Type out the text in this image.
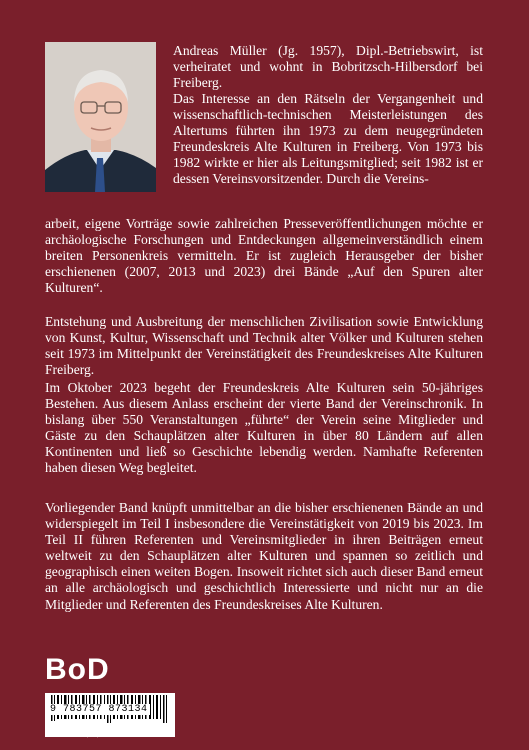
Andreas Müller (Jg. 1957), Dipl.-Betriebswirt, ist verheiratet und wohnt in Bobritzsch-Hilbersdorf bei Freiberg.

Das Interesse an den Rätseln der Vergangenheit und wissenschaftlich-technischen Meisterleistungen des Altertums führten ihn 1973 zu dem neugegründeten Freundeskreis Alte Kulturen in Freiberg. Von 1973 bis 1982 wirkte er hier als Leitungsmitglied; seit 1982 ist er dessen Vereinsvorsitzender. Durch die Vereins-

arbeit, eigene Vorträge sowie zahlreichen Presseveröffentlichungen möchte er archäologische Forschungen und Entdeckungen allgemeinverständlich einem breiten Personenkreis vermitteln. Er ist zugleich Herausgeber der bisher erschienenen (2007, 2013 und 2023) drei Bände „Auf den Spuren alter Kulturen“.

Entstehung und Ausbreitung der menschlichen Zivilisation sowie Entwicklung von Kunst, Kultur, Wissenschaft und Technik alter Völker und Kulturen stehen seit 1973 im Mittelpunkt der Vereinstätigkeit des Freundeskreises Alte Kulturen Freiberg.

Im Oktober 2023 begeht der Freundeskreis Alte Kulturen sein 50-jähriges Bestehen. Aus diesem Anlass erscheint der vierte Band der Vereinschronik. In bislang über 550 Veranstaltungen „führte“ der Verein seine Mitglieder und Gäste zu den Schauplätzen alter Kulturen in über 80 Ländern auf allen Kontinenten und ließ so Geschichte lebendig werden. Namhafte Referenten haben diesen Weg begleitet.

Vorliegender Band knüpft unmittelbar an die bisher erschienenen Bände an und widerspiegelt im Teil I insbesondere die Vereinstätigkeit von 2019 bis 2023. Im Teil II führen Referenten und Vereinsmitglieder in ihren Beiträgen erneut weltweit zu den Schauplätzen alter Kulturen und spannen so zeitlich und geographisch einen weiten Bogen. Insoweit richtet sich auch dieser Band erneut an alle archäologisch und geschichtlich Interessierte und nicht nur an die Mitglieder und Referenten des Freundeskreises Alte Kulturen.

BoD
9 783757 873134
€ 46,00 (D) 61,90 CHF
